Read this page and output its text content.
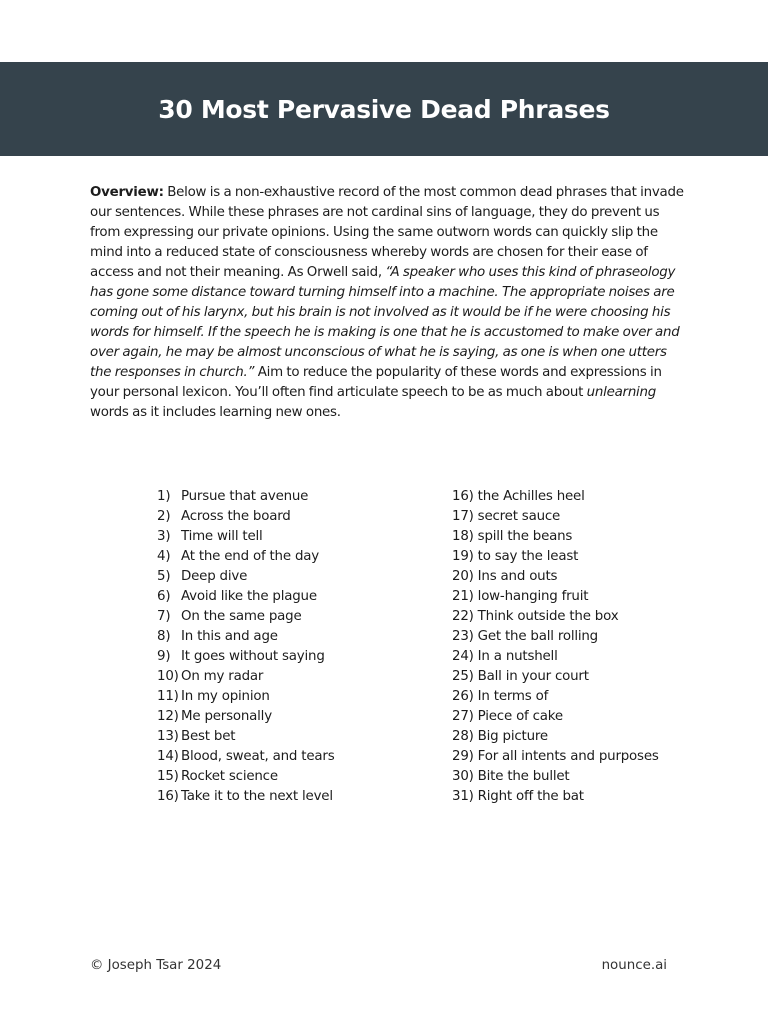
30 Most Pervasive Dead Phrases

Overview: Below is a non-exhaustive record of the most common dead phrases that invade our sentences. While these phrases are not cardinal sins of language, they do prevent us from expressing our private opinions. Using the same outworn words can quickly slip the mind into a reduced state of consciousness whereby words are chosen for their ease of access and not their meaning. As Orwell said, “A speaker who uses this kind of phraseology has gone some distance toward turning himself into a machine. The appropriate noises are coming out of his larynx, but his brain is not involved as it would be if he were choosing his words for himself. If the speech he is making is one that he is accustomed to make over and over again, he may be almost unconscious of what he is saying, as one is when one utters the responses in church.” Aim to reduce the popularity of these words and expressions in your personal lexicon. You’ll often find articulate speech to be as much about unlearning words as it includes learning new ones.

1) Pursue that avenue
2) Across the board
3) Time will tell
4) At the end of the day
5) Deep dive
6) Avoid like the plague
7) On the same page
8) In this and age
9) It goes without saying
10) On my radar
11) In my opinion
12) Me personally
13) Best bet
14) Blood, sweat, and tears
15) Rocket science
16) Take it to the next level
16) the Achilles heel
17) secret sauce
18) spill the beans
19) to say the least
20) Ins and outs
21) low-hanging fruit
22) Think outside the box
23) Get the ball rolling
24) In a nutshell
25) Ball in your court
26) In terms of
27) Piece of cake
28) Big picture
29) For all intents and purposes
30) Bite the bullet
31) Right off the bat
© Joseph Tsar 2024	nounce.ai
